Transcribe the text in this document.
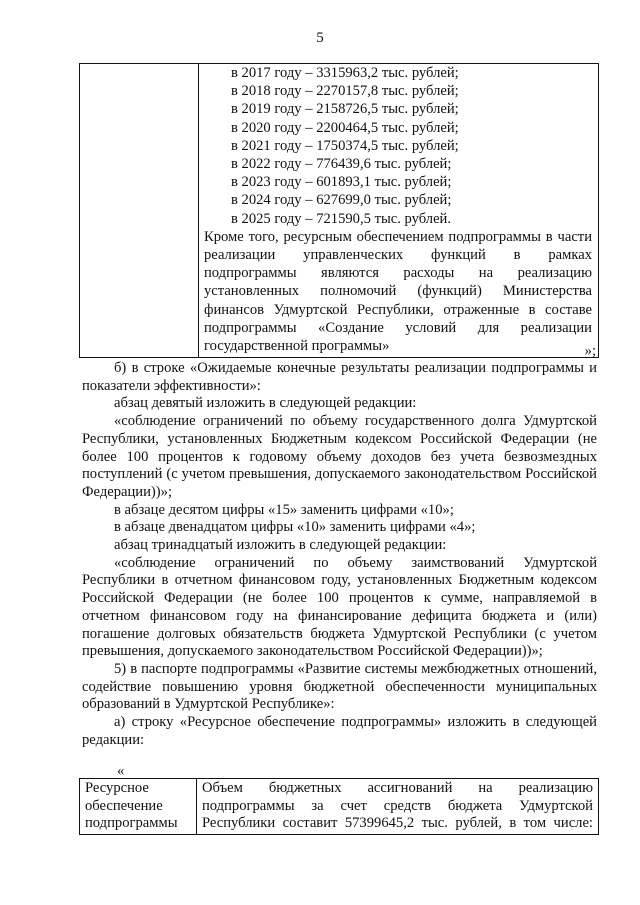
5

в 2017 году – 3315963,2 тыс. рублей;
в 2018 году – 2270157,8 тыс. рублей;
в 2019 году – 2158726,5 тыс. рублей;
в 2020 году – 2200464,5 тыс. рублей;
в 2021 году – 1750374,5 тыс. рублей;
в 2022 году – 776439,6 тыс. рублей;
в 2023 году – 601893,1 тыс. рублей;
в 2024 году – 627699,0 тыс. рублей;
в 2025 году – 721590,5 тыс. рублей.
Кроме того, ресурсным обеспечением подпрограммы в части
реализации управленческих функций в рамках
подпрограммы являются расходы на реализацию
установленных полномочий (функций) Министерства
финансов Удмуртской Республики, отраженные в составе
подпрограммы «Создание условий для реализации
государственной программы»	»;

б) в строке «Ожидаемые конечные результаты реализации подпрограммы и показатели эффективности»:

абзац девятый изложить в следующей редакции:

«соблюдение ограничений по объему государственного долга Удмуртской Республики, установленных Бюджетным кодексом Российской Федерации (не более 100 процентов к годовому объему доходов без учета безвозмездных поступлений (с учетом превышения, допускаемого законодательством Российской Федерации))»;

в абзаце десятом цифры «15» заменить цифрами «10»;

в абзаце двенадцатом цифры «10» заменить цифрами «4»;

абзац тринадцатый изложить в следующей редакции:

«соблюдение ограничений по объему заимствований Удмуртской Республики в отчетном финансовом году, установленных Бюджетным кодексом Российской Федерации (не более 100 процентов к сумме, направляемой в отчетном финансовом году на финансирование дефицита бюджета и (или) погашение долговых обязательств бюджета Удмуртской Республики (с учетом превышения, допускаемого законодательством Российской Федерации))»;

5) в паспорте подпрограммы «Развитие системы межбюджетных отношений, содействие повышению уровня бюджетной обеспеченности муниципальных образований в Удмуртской Республике»:

а) строку «Ресурсное обеспечение подпрограммы» изложить в следующей редакции:

«
Ресурсное обеспечение подпрограммы	Объем бюджетных ассигнований на реализацию подпрограммы за счет средств бюджета Удмуртской Республики составит 57399645,2 тыс. рублей, в том числе:
